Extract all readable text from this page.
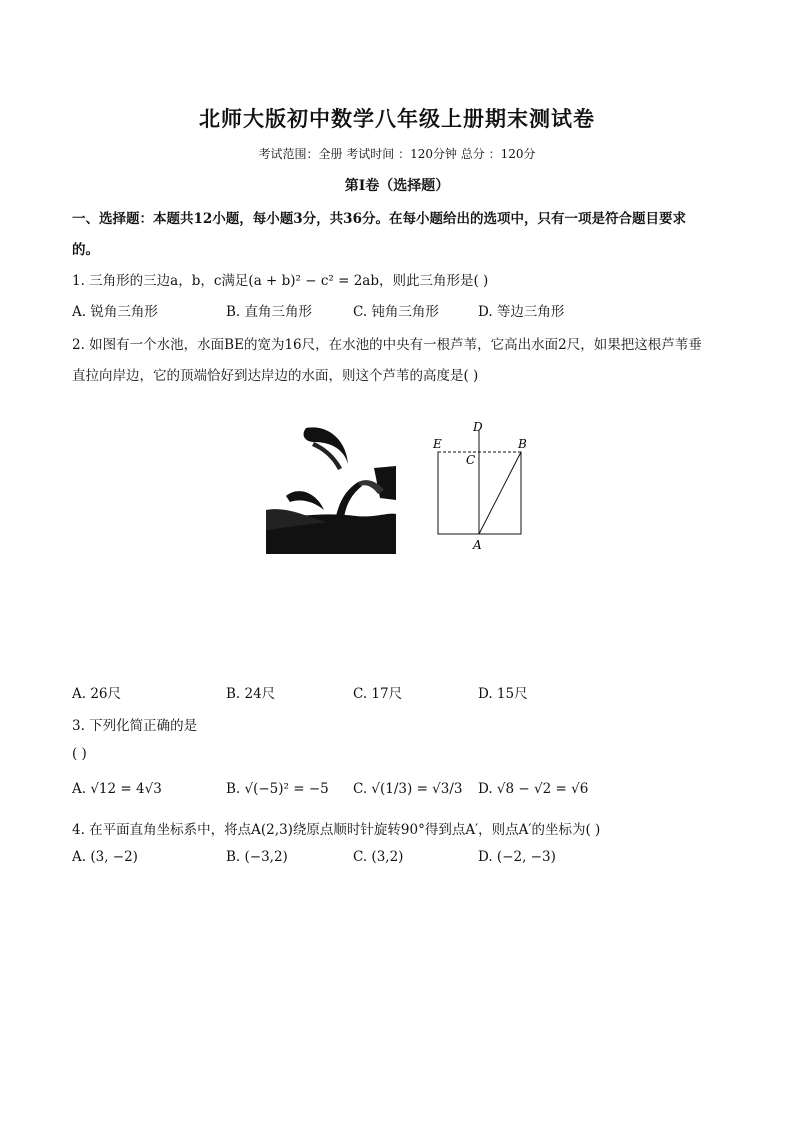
北师大版初中数学八年级上册期末测试卷
考试范围：全册 考试时间 ：120分钟 总分 ：120分
第I卷（选择题）
一、选择题：本题共12小题，每小题3分，共36分。在每小题给出的选项中，只有一项是符合题目要求
的。
1. 三角形的三边a，b，c满足(a + b)² − c² = 2ab，则此三角形是( )
A. 锐角三角形	B. 直角三角形	C. 钝角三角形	D. 等边三角形
2. 如图有一个水池，水面BE的宽为16尺，在水池的中央有一根芦苇，它高出水面2尺，如果把这根芦苇垂
直拉向岸边，它的顶端恰好到达岸边的水面，则这个芦苇的高度是( )
D
E	B
C
A
A. 26尺	B. 24尺	C. 17尺	D. 15尺
3. 下列化简正确的是
( )
A. √12 = 4√3	B. √(−5)² = −5 C. √(1/3) = √3/3 D. √8 − √2 = √6
4. 在平面直角坐标系中，将点A(2,3)绕原点顺时针旋转90°得到点A′，则点A′的坐标为( )
A. (3, −2)	B. (−3,2)	C. (3,2)	D. (−2, −3)
